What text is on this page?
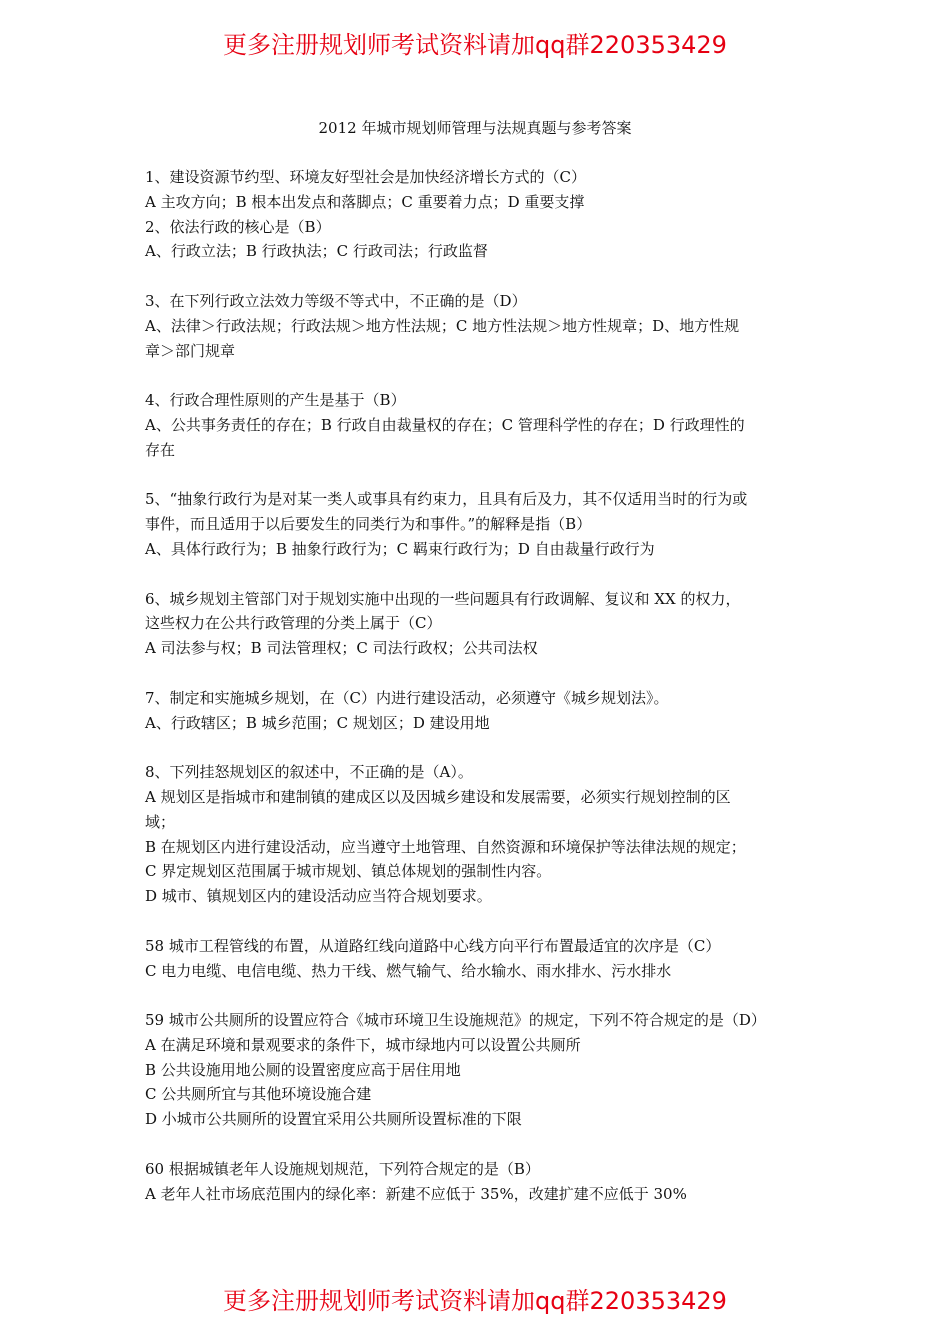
更多注册规划师考试资料请加qq群220353429
2012 年城市规划师管理与法规真题与参考答案

1、建设资源节约型、环境友好型社会是加快经济增长方式的（C）

A 主攻方向；B 根本出发点和落脚点；C 重要着力点；D 重要支撑

2、依法行政的核心是（B）

A、行政立法；B 行政执法；C 行政司法；行政监督

3、在下列行政立法效力等级不等式中，不正确的是（D）

A、法律＞行政法规；行政法规＞地方性法规；C 地方性法规＞地方性规章；D、地方性规

章＞部门规章

4、行政合理性原则的产生是基于（B）

A、公共事务责任的存在；B 行政自由裁量权的存在；C 管理科学性的存在；D 行政理性的

存在

5、“抽象行政行为是对某一类人或事具有约束力，且具有后及力，其不仅适用当时的行为或

事件，而且适用于以后要发生的同类行为和事件。”的解释是指（B）

A、具体行政行为；B 抽象行政行为；C 羁束行政行为；D 自由裁量行政行为

6、城乡规划主管部门对于规划实施中出现的一些问题具有行政调解、复议和 XX 的权力，

这些权力在公共行政管理的分类上属于（C）

A 司法参与权；B 司法管理权；C 司法行政权；公共司法权

7、制定和实施城乡规划，在（C）内进行建设活动，必须遵守《城乡规划法》。

A、行政辖区；B 城乡范围；C 规划区；D 建设用地

8、下列挂怒规划区的叙述中，不正确的是（A）。

A 规划区是指城市和建制镇的建成区以及因城乡建设和发展需要，必须实行规划控制的区

域；

B 在规划区内进行建设活动，应当遵守土地管理、自然资源和环境保护等法律法规的规定；

C 界定规划区范围属于城市规划、镇总体规划的强制性内容。

D 城市、镇规划区内的建设活动应当符合规划要求。

58 城市工程管线的布置，从道路红线向道路中心线方向平行布置最适宜的次序是（C）

C 电力电缆、电信电缆、热力干线、燃气输气、给水输水、雨水排水、污水排水

59 城市公共厕所的设置应符合《城市环境卫生设施规范》的规定，下列不符合规定的是（D）

A 在满足环境和景观要求的条件下，城市绿地内可以设置公共厕所

B 公共设施用地公厕的设置密度应高于居住用地

C 公共厕所宜与其他环境设施合建

D 小城市公共厕所的设置宜采用公共厕所设置标准的下限

60 根据城镇老年人设施规划规范，下列符合规定的是（B）

A 老年人社市场底范围内的绿化率：新建不应低于 35%，改建扩建不应低于 30%

更多注册规划师考试资料请加qq群220353429
